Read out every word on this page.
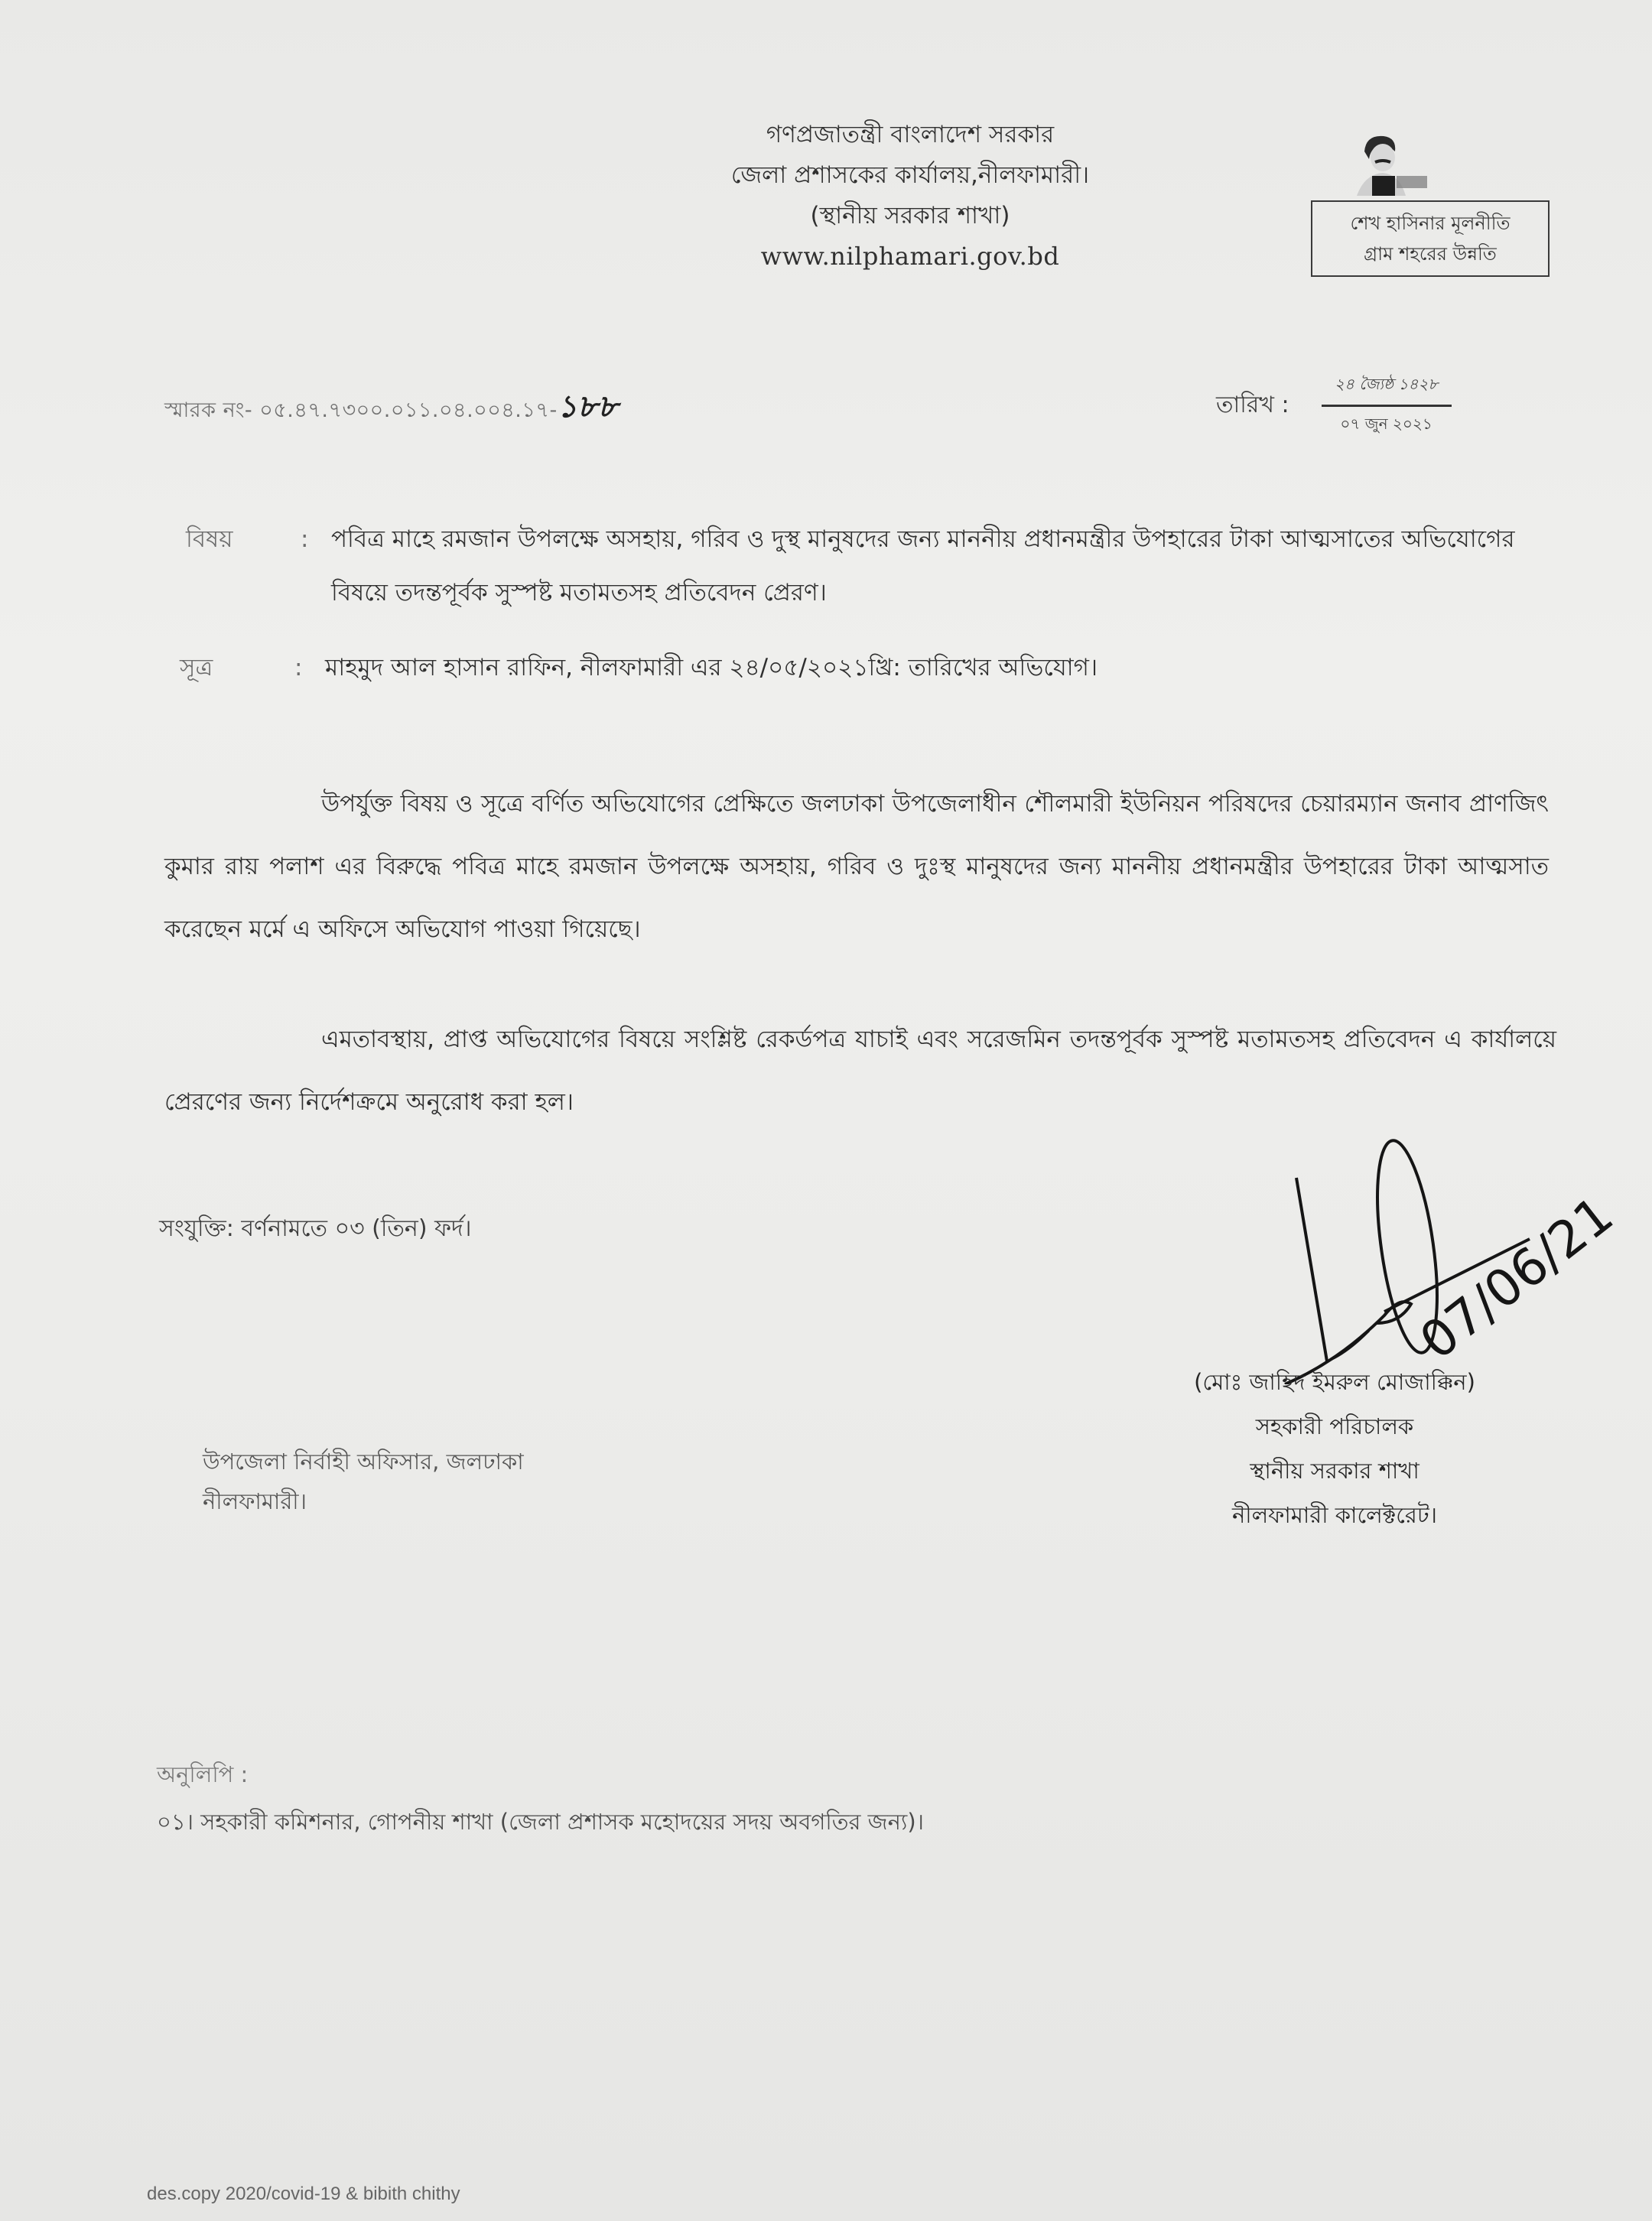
গণপ্রজাতন্ত্রী বাংলাদেশ সরকার
জেলা প্রশাসকের কার্যালয়,নীলফামারী।
(স্থানীয় সরকার শাখা)
www.nilphamari.gov.bd
শেখ হাসিনার মূলনীতি
গ্রাম শহরের উন্নতি
স্মারক নং- ০৫.৪৭.৭৩০০.০১১.০৪.০০৪.১৭-১৮৮	তারিখ : $\frac{\text{২৪ জ্যৈষ্ঠ ১৪২৮}}{\text{০৭ জুন ২০২১}}$
বিষয়	: পবিত্র মাহে রমজান উপলক্ষে অসহায়, গরিব ও দুস্থ মানুষদের জন্য মাননীয় প্রধানমন্ত্রীর উপহারের টাকা আত্মসাতের অভিযোগের বিষয়ে তদন্তপূর্বক সুস্পষ্ট মতামতসহ প্রতিবেদন প্রেরণ।
সূত্র	: মাহমুদ আল হাসান রাফিন, নীলফামারী এর ২৪/০৫/২০২১খ্রি: তারিখের অভিযোগ।

উপর্যুক্ত বিষয় ও সূত্রে বর্ণিত অভিযোগের প্রেক্ষিতে জলঢাকা উপজেলাধীন শৌলমারী ইউনিয়ন পরিষদের চেয়ারম্যান জনাব প্রাণজিৎ কুমার রায় পলাশ এর বিরুদ্ধে পবিত্র মাহে রমজান উপলক্ষে অসহায়, গরিব ও দুঃস্থ মানুষদের জন্য মাননীয় প্রধানমন্ত্রীর উপহারের টাকা আত্মসাত করেছেন মর্মে এ অফিসে অভিযোগ পাওয়া গিয়েছে।

এমতাবস্থায়, প্রাপ্ত অভিযোগের বিষয়ে সংশ্লিষ্ট রেকর্ডপত্র যাচাই এবং সরেজমিন তদন্তপূর্বক সুস্পষ্ট মতামতসহ প্রতিবেদন এ কার্যালয়ে প্রেরণের জন্য নির্দেশক্রমে অনুরোধ করা হল।

সংযুক্তি: বর্ণনামতে ০৩ (তিন) ফর্দ।	07/06/21
(মোঃ জাহিদ ইমরুল মোজাক্কিন)
সহকারী পরিচালক
স্থানীয় সরকার শাখা
নীলফামারী কালেক্টরেট।
উপজেলা নির্বাহী অফিসার, জলঢাকা
নীলফামারী।
অনুলিপি :
০১। সহকারী কমিশনার, গোপনীয় শাখা (জেলা প্রশাসক মহোদয়ের সদয় অবগতির জন্য)।
des.copy 2020/covid-19 & bibith chithy
